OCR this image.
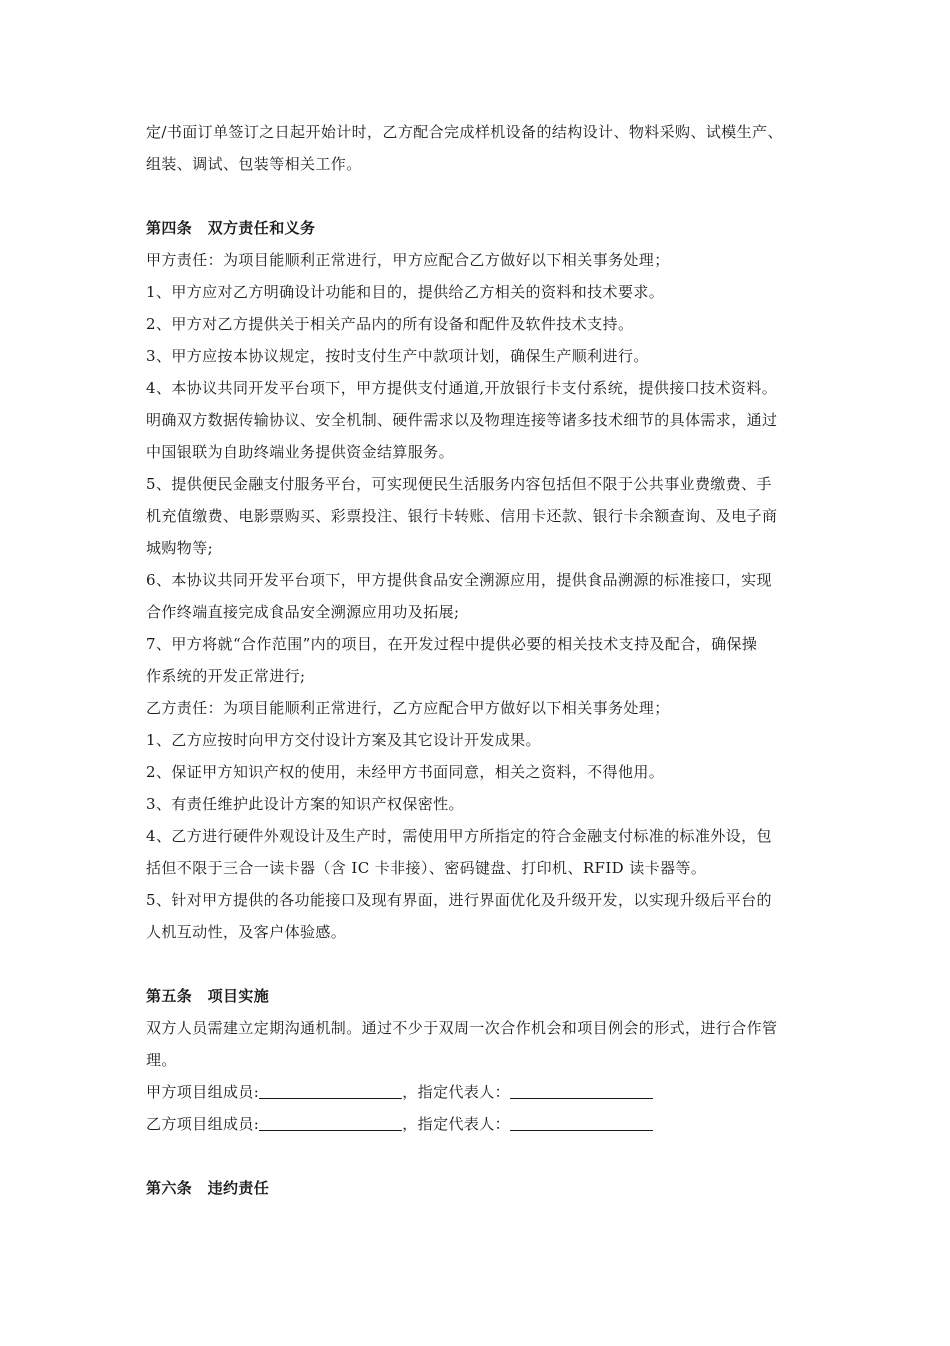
定/书面订单签订之日起开始计时，乙方配合完成样机设备的结构设计、物料采购、试模生产、
组装、调试、包装等相关工作。
第四条　双方责任和义务
甲方责任：为项目能顺利正常进行，甲方应配合乙方做好以下相关事务处理；
1、甲方应对乙方明确设计功能和目的，提供给乙方相关的资料和技术要求。
2、甲方对乙方提供关于相关产品内的所有设备和配件及软件技术支持。
3、甲方应按本协议规定，按时支付生产中款项计划，确保生产顺利进行。
4、本协议共同开发平台项下，甲方提供支付通道,开放银行卡支付系统，提供接口技术资料。
明确双方数据传输协议、安全机制、硬件需求以及物理连接等诸多技术细节的具体需求，通过
中国银联为自助终端业务提供资金结算服务。
5、提供便民金融支付服务平台，可实现便民生活服务内容包括但不限于公共事业费缴费、手
机充值缴费、电影票购买、彩票投注、银行卡转账、信用卡还款、银行卡余额查询、及电子商
城购物等;
6、本协议共同开发平台项下，甲方提供食品安全溯源应用，提供食品溯源的标准接口，实现
合作终端直接完成食品安全溯源应用功及拓展;
7、甲方将就“合作范围”内的项目，在开发过程中提供必要的相关技术支持及配合，确保操
作系统的开发正常进行;
乙方责任：为项目能顺利正常进行，乙方应配合甲方做好以下相关事务处理；
1、乙方应按时向甲方交付设计方案及其它设计开发成果。
2、保证甲方知识产权的使用，未经甲方书面同意，相关之资料，不得他用。
3、有责任维护此设计方案的知识产权保密性。
4、乙方进行硬件外观设计及生产时，需使用甲方所指定的符合金融支付标准的标准外设，包
括但不限于三合一读卡器（含 IC 卡非接）、密码键盘、打印机、RFID 读卡器等。
5、针对甲方提供的各功能接口及现有界面，进行界面优化及升级开发，以实现升级后平台的
人机互动性，及客户体验感。
第五条　项目实施
双方人员需建立定期沟通机制。通过不少于双周一次合作机会和项目例会的形式，进行合作管
理。
甲方项目组成员:	，指定代表人：
乙方项目组成员:	，指定代表人：
第六条　违约责任
